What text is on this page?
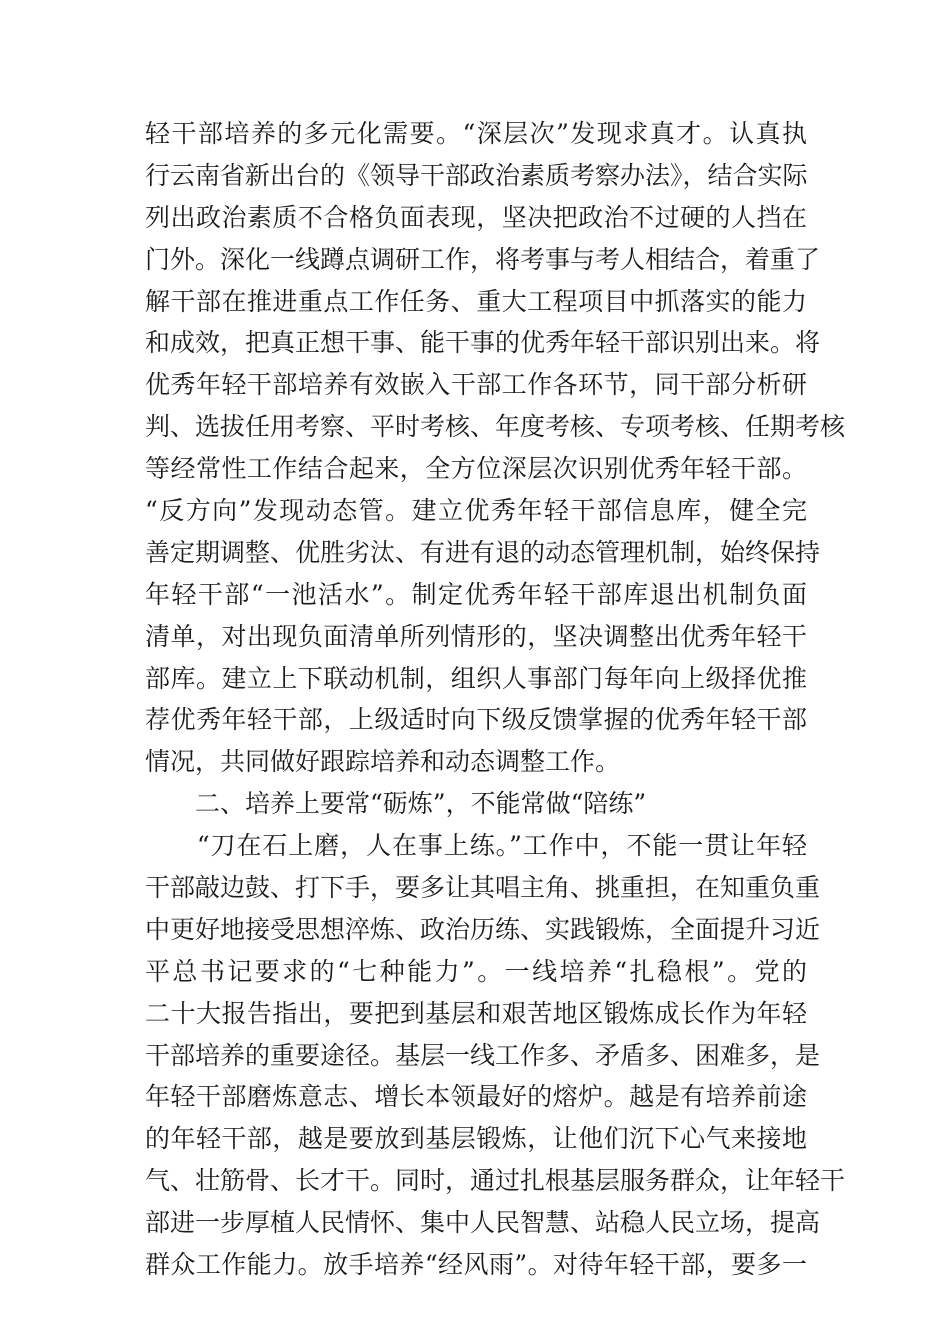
轻干部培养的多元化需要。“深层次”发现求真才。认真执
行云南省新出台的《领导干部政治素质考察办法》，结合实际
列出政治素质不合格负面表现，坚决把政治不过硬的人挡在
门外。深化一线蹲点调研工作，将考事与考人相结合，着重了
解干部在推进重点工作任务、重大工程项目中抓落实的能力
和成效，把真正想干事、能干事的优秀年轻干部识别出来。将
优秀年轻干部培养有效嵌入干部工作各环节，同干部分析研
判、选拔任用考察、平时考核、年度考核、专项考核、任期考核
等经常性工作结合起来，全方位深层次识别优秀年轻干部。
“反方向”发现动态管。建立优秀年轻干部信息库，健全完
善定期调整、优胜劣汰、有进有退的动态管理机制，始终保持
年轻干部“一池活水”。制定优秀年轻干部库退出机制负面
清单，对出现负面清单所列情形的，坚决调整出优秀年轻干
部库。建立上下联动机制，组织人事部门每年向上级择优推
荐优秀年轻干部，上级适时向下级反馈掌握的优秀年轻干部
情况，共同做好跟踪培养和动态调整工作。
　　二、培养上要常“砺炼”，不能常做“陪练”
　　“刀在石上磨，人在事上练。”工作中，不能一贯让年轻
干部敲边鼓、打下手，要多让其唱主角、挑重担，在知重负重
中更好地接受思想淬炼、政治历练、实践锻炼，全面提升习近
平总书记要求的“七种能力”。一线培养“扎稳根”。党的
二十大报告指出，要把到基层和艰苦地区锻炼成长作为年轻
干部培养的重要途径。基层一线工作多、矛盾多、困难多，是
年轻干部磨炼意志、增长本领最好的熔炉。越是有培养前途
的年轻干部，越是要放到基层锻炼，让他们沉下心气来接地
气、壮筋骨、长才干。同时，通过扎根基层服务群众，让年轻干
部进一步厚植人民情怀、集中人民智慧、站稳人民立场，提高
群众工作能力。放手培养“经风雨”。对待年轻干部，要多一
